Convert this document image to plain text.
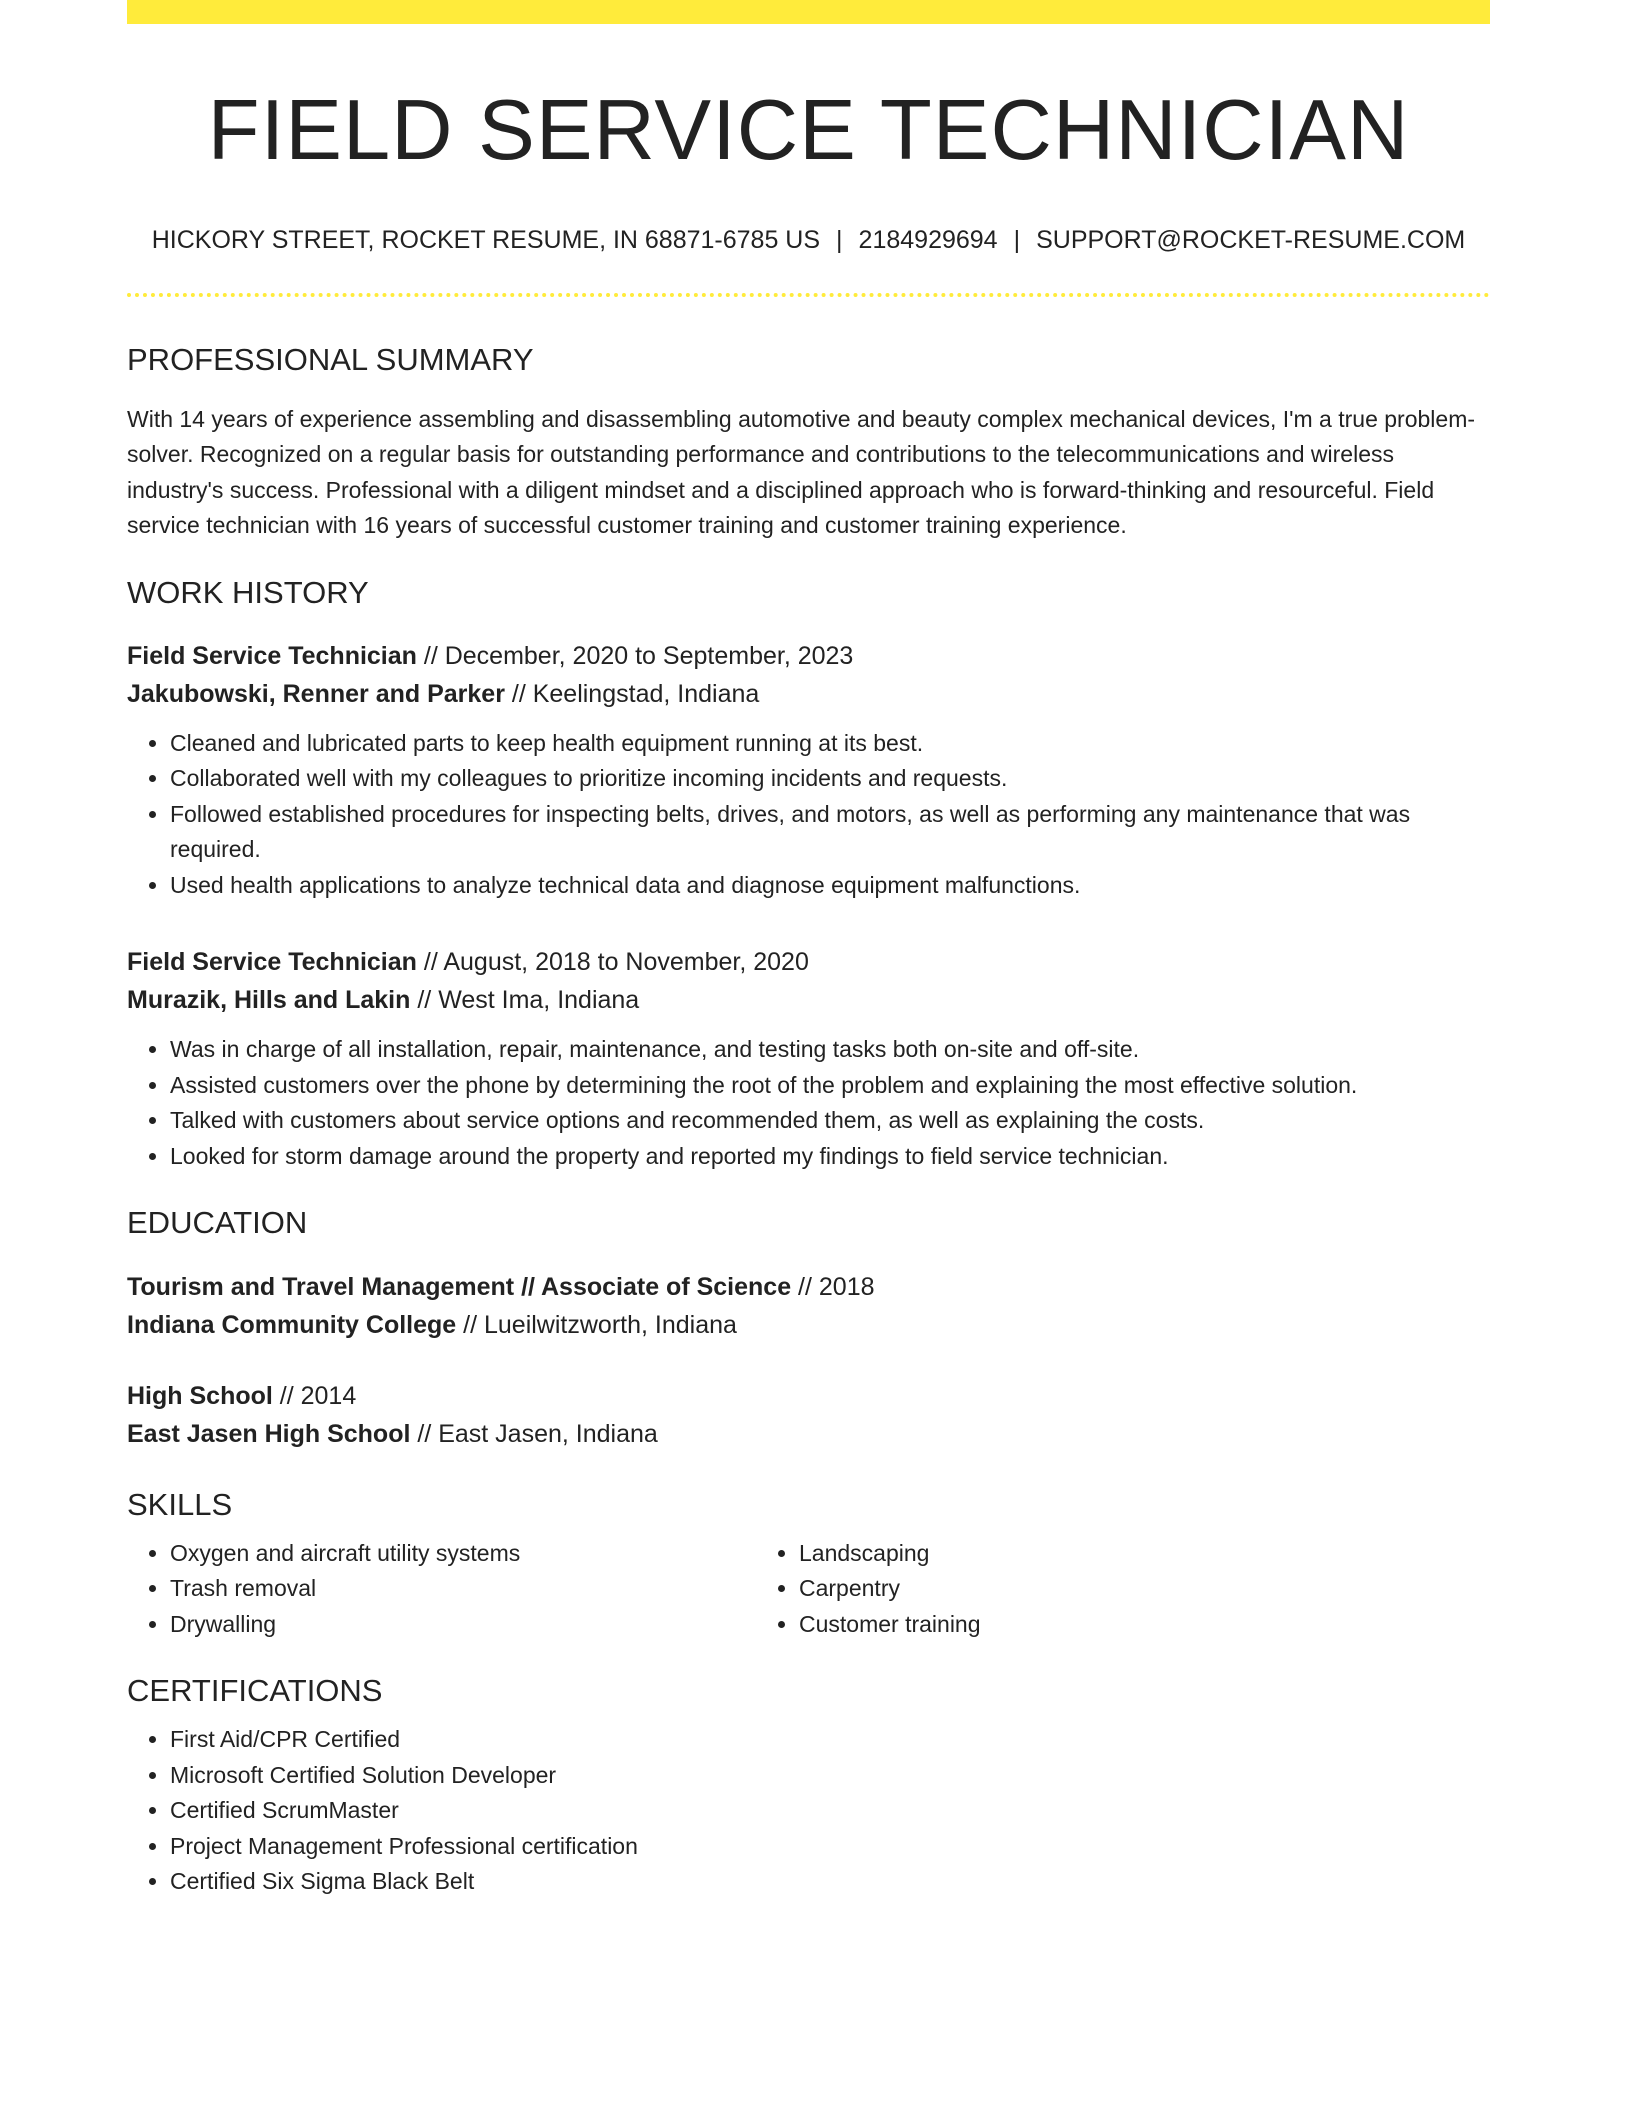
FIELD SERVICE TECHNICIAN
HICKORY STREET, ROCKET RESUME, IN 68871-6785 US | 2184929694 | SUPPORT@ROCKET-RESUME.COM
PROFESSIONAL SUMMARY
With 14 years of experience assembling and disassembling automotive and beauty complex mechanical devices, I'm a true problem-solver. Recognized on a regular basis for outstanding performance and contributions to the telecommunications and wireless industry's success. Professional with a diligent mindset and a disciplined approach who is forward-thinking and resourceful. Field service technician with 16 years of successful customer training and customer training experience.
WORK HISTORY
Field Service Technician // December, 2020 to September, 2023
Jakubowski, Renner and Parker // Keelingstad, Indiana
• Cleaned and lubricated parts to keep health equipment running at its best.
• Collaborated well with my colleagues to prioritize incoming incidents and requests.
• Followed established procedures for inspecting belts, drives, and motors, as well as performing any maintenance that was required.
• Used health applications to analyze technical data and diagnose equipment malfunctions.
Field Service Technician // August, 2018 to November, 2020
Murazik, Hills and Lakin // West Ima, Indiana
• Was in charge of all installation, repair, maintenance, and testing tasks both on-site and off-site.
• Assisted customers over the phone by determining the root of the problem and explaining the most effective solution.
• Talked with customers about service options and recommended them, as well as explaining the costs.
• Looked for storm damage around the property and reported my findings to field service technician.
EDUCATION
Tourism and Travel Management // Associate of Science // 2018
Indiana Community College // Lueilwitzworth, Indiana
High School // 2014
East Jasen High School // East Jasen, Indiana
SKILLS
• Oxygen and aircraft utility systems
• Trash removal
• Drywalling
• Landscaping
• Carpentry
• Customer training
CERTIFICATIONS
• First Aid/CPR Certified
• Microsoft Certified Solution Developer
• Certified ScrumMaster
• Project Management Professional certification
• Certified Six Sigma Black Belt
